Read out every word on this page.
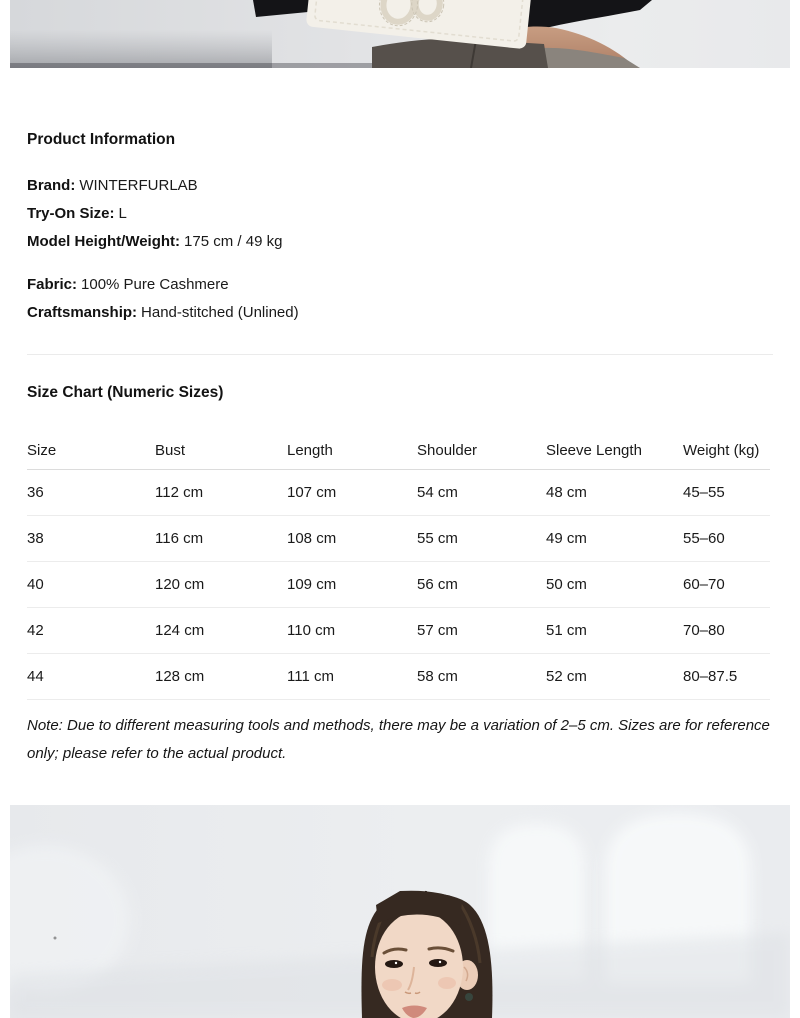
Product Information

Brand: WINTERFURLAB

Try-On Size: L

Model Height/Weight: 175 cm / 49 kg

Fabric: 100% Pure Cashmere

Craftsmanship: Hand-stitched (Unlined)

Size Chart (Numeric Sizes)
Size	Bust	Length	Shoulder	Sleeve Length	Weight (kg)
36	112 cm	107 cm	54 cm	48 cm	45–55
38	116 cm	108 cm	55 cm	49 cm	55–60
40	120 cm	109 cm	56 cm	50 cm	60–70
42	124 cm	110 cm	57 cm	51 cm	70–80
44	128 cm	111 cm	58 cm	52 cm	80–87.5

Note: Due to different measuring tools and methods, there may be a variation of 2–5 cm. Sizes are for reference only; please refer to the actual product.
